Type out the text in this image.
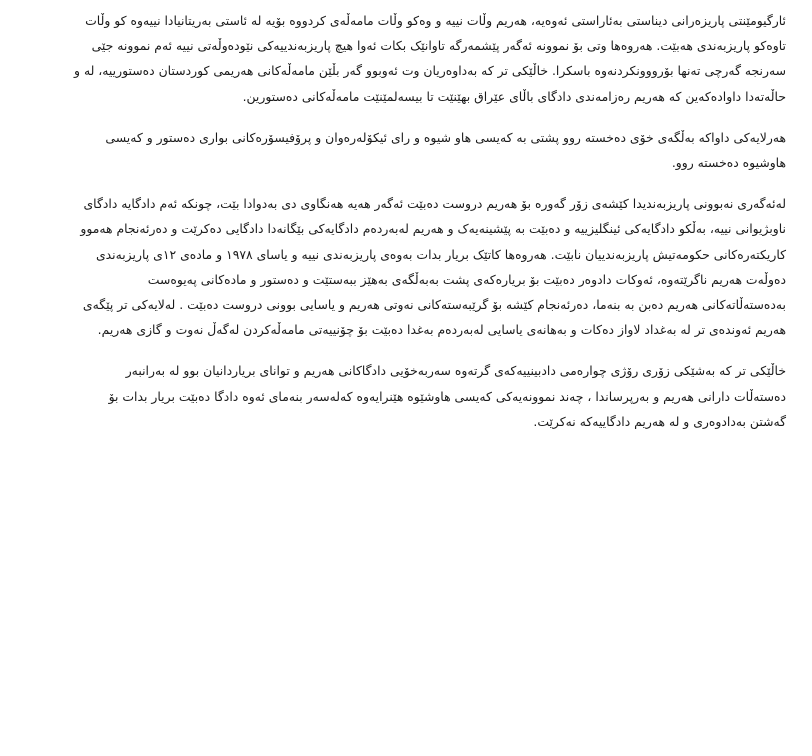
ئارگیومێنتی پاریزەرانی دیناستی بەئاراستی ئەوەیە، هەریم وڵات نییە و وەکو وڵات مامەڵەی کردووە بۆیە لە ئاستی بەریتانیادا نییەوە کو وڵات تاوەکو پاریزبەندی هەبێت. هەروەها وتی بۆ نموونە ئەگەر پێشمەرگە تاوانێک بکات ئەوا هیچ پاریزبەندییەکی نێودەوڵەتی نییە ئەم نموونە جێی سەرنجە گەرچی تەنها بۆرووونکردنەوە باسکرا. خاڵێکی تر کە بەداوەریان وت ئەوبوو گەر بڵێن مامەڵەکانی هەریمی کوردستان دەستورییە، لە و حاڵەتەدا داوادەکەین کە هەریم رەزامەندی دادگای باڵای عێراق بهێنێت تا بیسەلمێنێت مامەڵەکانی دەستورین.

هەرلایەکی داواکە بەڵگەی خۆی دەخستە روو پشتی بە کەیسی هاو شیوە و رای ئیکۆلەرەوان و پرۆفیسۆرەکانی بواری دەستور و کەیسی هاوشیوە دەخستە روو.

لەئەگەری نەبوونی پاریزبەندیدا کێشەی زۆر گەورە بۆ هەریم دروست دەبێت ئەگەر هەیە هەنگاوی دی بەدوادا بێت، چونکە ئەم دادگایە دادگای ناوبژیوانی نییە، بەڵکو دادگایەکی ئینگلیزییە و دەبێت بە پێشینەیەک و هەریم لەبەردەم دادگایەکی بێگانەدا دادگایی دەکرێت و دەرئەنجام هەموو کاریکتەرەکانی حکومەتیش پاریزبەندییان نابێت. هەروەها کاتێک بریار بدات بەوەی پاریزبەندی نییە و یاسای ١٩٧٨ و مادەی ١٢ی پاریزبەندی دەوڵەت هەریم ناگرێتەوە، ئەوکات دادوەر دەبێت بۆ بریارەکەی پشت بەبەڵگەی بەهێز ببەستێت و دەستور و مادەکانی پەیوەست بەدەستەڵاتەکانی هەریم دەبن بە بنەما، دەرئەنجام کێشە بۆ گرێبەستەکانی نەوتی هەریم و یاسایی بوونی دروست دەبێت . لەلایەکی تر پێگەی هەریم ئەوندەی تر لە بەغداد لاواز دەکات و بەهانەی یاسایی لەبەردەم بەغدا دەبێت بۆ چۆنییەتی مامەڵەکردن لەگەڵ نەوت و گازی هەریم.

خاڵێکی تر کە بەشێکی زۆری رۆژی چوارەمی دادبینییەکەی گرتەوە سەربەخۆیی دادگاکانی هەریم و توانای بریاردانیان بوو لە بەرانبەر دەستەڵات دارانی هەریم و بەرپرساندا ، چەند نموونەیەکی کەیسی هاوشێوە هێنرایەوە کەلەسەر بنەمای ئەوە دادگا دەبێت بریار بدات بۆ گەشتن بەدادوەری و لە هەریم دادگاییەکە نەکرێت.
